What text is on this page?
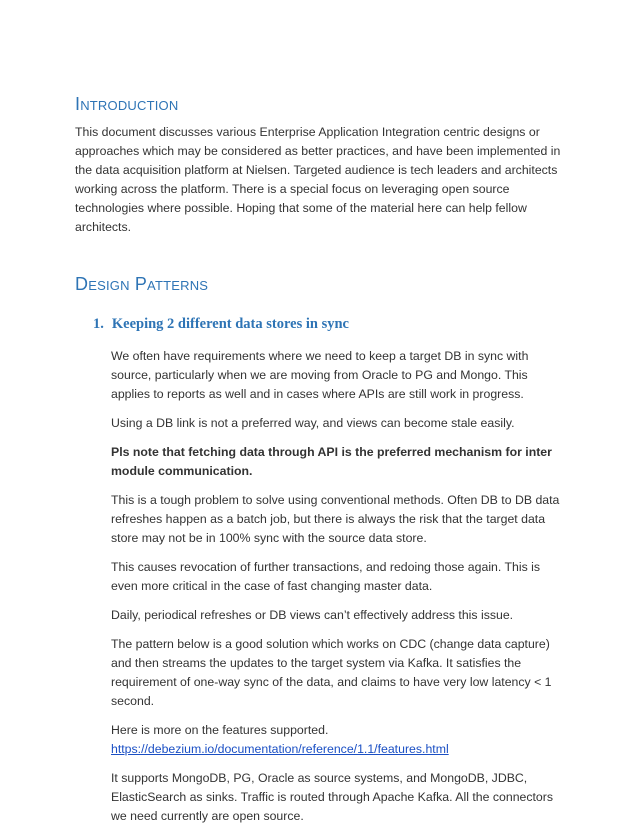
Introduction

This document discusses various Enterprise Application Integration centric designs or approaches which may be considered as better practices, and have been implemented in the data acquisition platform at Nielsen. Targeted audience is tech leaders and architects working across the platform. There is a special focus on leveraging open source technologies where possible. Hoping that some of the material here can help fellow architects.

Design Patterns
1. Keeping 2 different data stores in sync

We often have requirements where we need to keep a target DB in sync with source, particularly when we are moving from Oracle to PG and Mongo. This applies to reports as well and in cases where APIs are still work in progress.

Using a DB link is not a preferred way, and views can become stale easily.

Pls note that fetching data through API is the preferred mechanism for inter module communication.

This is a tough problem to solve using conventional methods. Often DB to DB data refreshes happen as a batch job, but there is always the risk that the target data store may not be in 100% sync with the source data store.

This causes revocation of further transactions, and redoing those again. This is even more critical in the case of fast changing master data.

Daily, periodical refreshes or DB views can’t effectively address this issue.

The pattern below is a good solution which works on CDC (change data capture) and then streams the updates to the target system via Kafka. It satisfies the requirement of one-way sync of the data, and claims to have very low latency < 1 second.

Here is more on the features supported.
https://debezium.io/documentation/reference/1.1/features.html

It supports MongoDB, PG, Oracle as source systems, and MongoDB, JDBC, ElasticSearch as sinks. Traffic is routed through Apache Kafka. All the connectors we need currently are open source.
